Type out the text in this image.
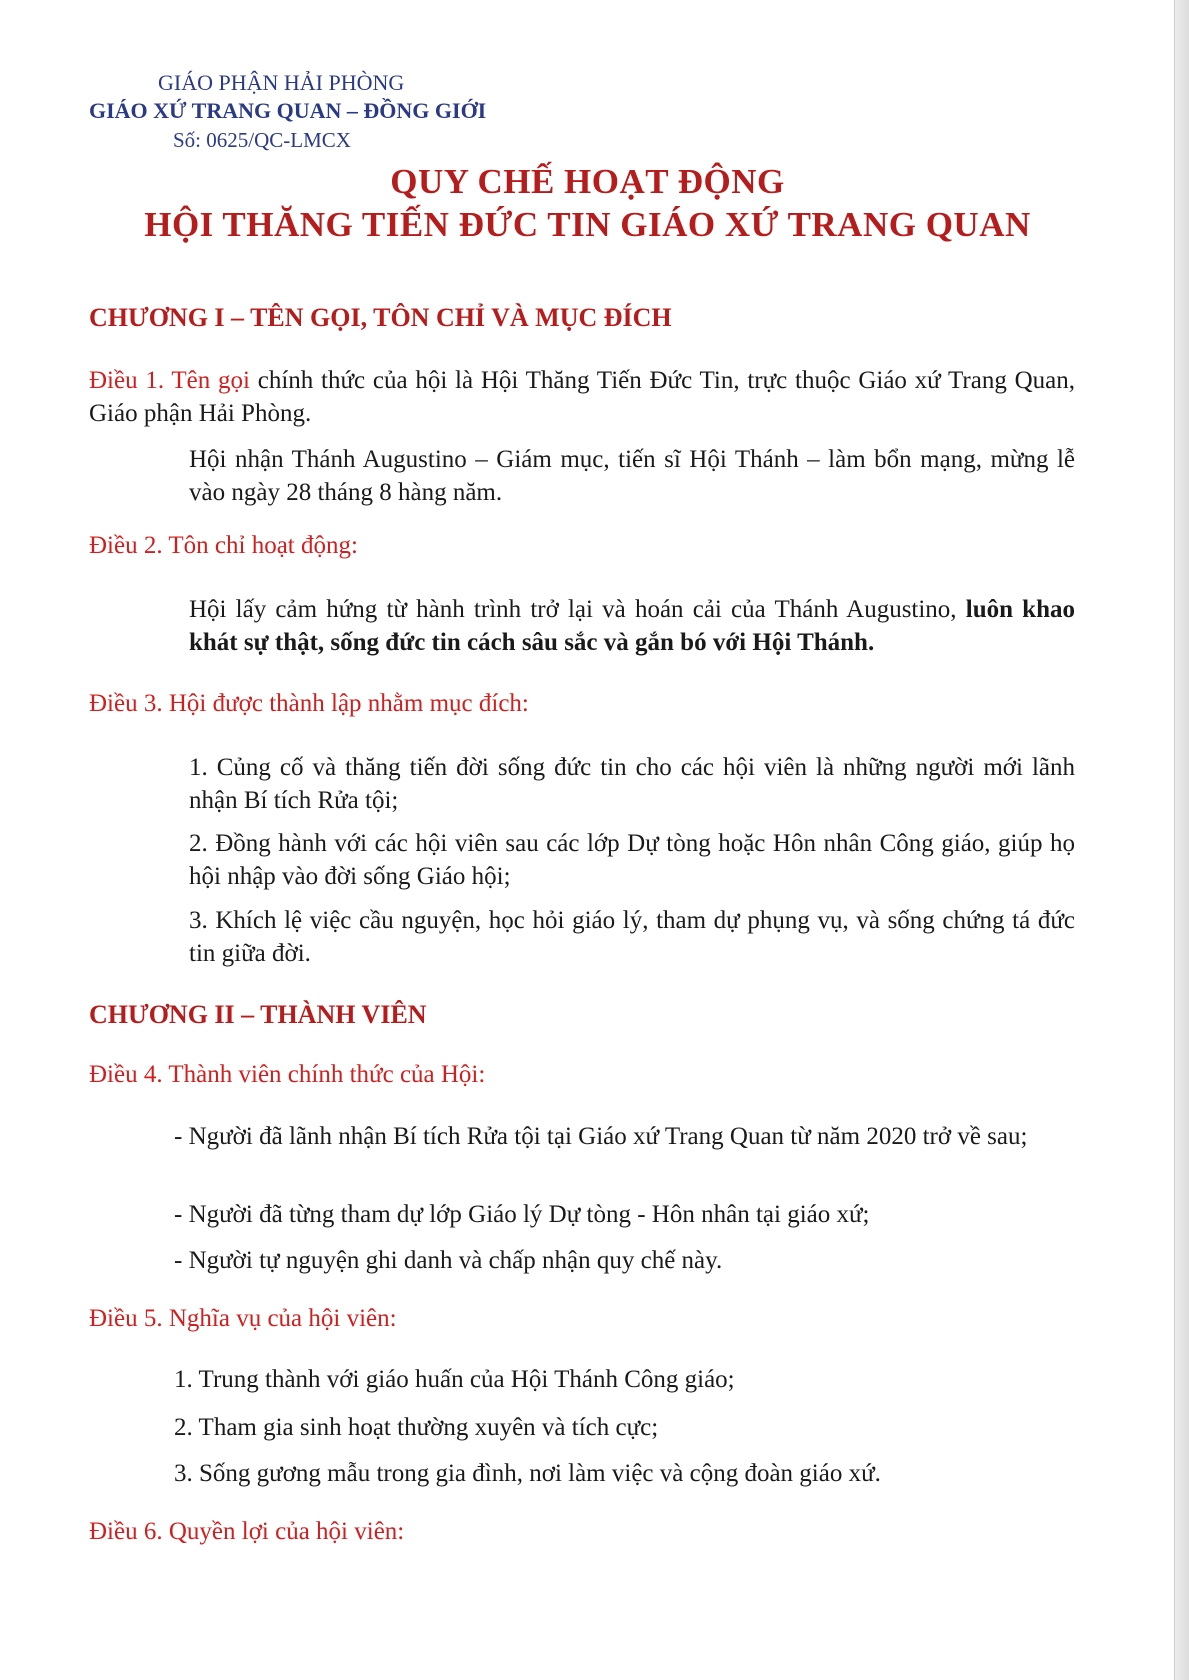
GIÁO PHẬN HẢI PHÒNG

GIÁO XỨ TRANG QUAN – ĐỒNG GIỚI

Số: 0625/QC-LMCX

QUY CHẾ HOẠT ĐỘNG

HỘI THĂNG TIẾN ĐỨC TIN GIÁO XỨ TRANG QUAN

CHƯƠNG I – TÊN GỌI, TÔN CHỈ VÀ MỤC ĐÍCH

Điều 1. Tên gọi chính thức của hội là Hội Thăng Tiến Đức Tin, trực thuộc Giáo xứ Trang Quan, Giáo phận Hải Phòng.
Hội nhận Thánh Augustino – Giám mục, tiến sĩ Hội Thánh – làm bổn mạng, mừng lễ vào ngày 28 tháng 8 hàng năm.

Điều 2. Tôn chỉ hoạt động:

Hội lấy cảm hứng từ hành trình trở lại và hoán cải của Thánh Augustino, luôn khao khát sự thật, sống đức tin cách sâu sắc và gắn bó với Hội Thánh.

Điều 3. Hội được thành lập nhằm mục đích:

1. Củng cố và thăng tiến đời sống đức tin cho các hội viên là những người mới lãnh nhận Bí tích Rửa tội;
2. Đồng hành với các hội viên sau các lớp Dự tòng hoặc Hôn nhân Công giáo, giúp họ hội nhập vào đời sống Giáo hội;
3. Khích lệ việc cầu nguyện, học hỏi giáo lý, tham dự phụng vụ, và sống chứng tá đức tin giữa đời.

CHƯƠNG II – THÀNH VIÊN

Điều 4. Thành viên chính thức của Hội:

- Người đã lãnh nhận Bí tích Rửa tội tại Giáo xứ Trang Quan từ năm 2020 trở về sau;
- Người đã từng tham dự lớp Giáo lý Dự tòng - Hôn nhân tại giáo xứ;
- Người tự nguyện ghi danh và chấp nhận quy chế này.

Điều 5. Nghĩa vụ của hội viên:

1. Trung thành với giáo huấn của Hội Thánh Công giáo;
2. Tham gia sinh hoạt thường xuyên và tích cực;
3. Sống gương mẫu trong gia đình, nơi làm việc và cộng đoàn giáo xứ.

Điều 6. Quyền lợi của hội viên:
